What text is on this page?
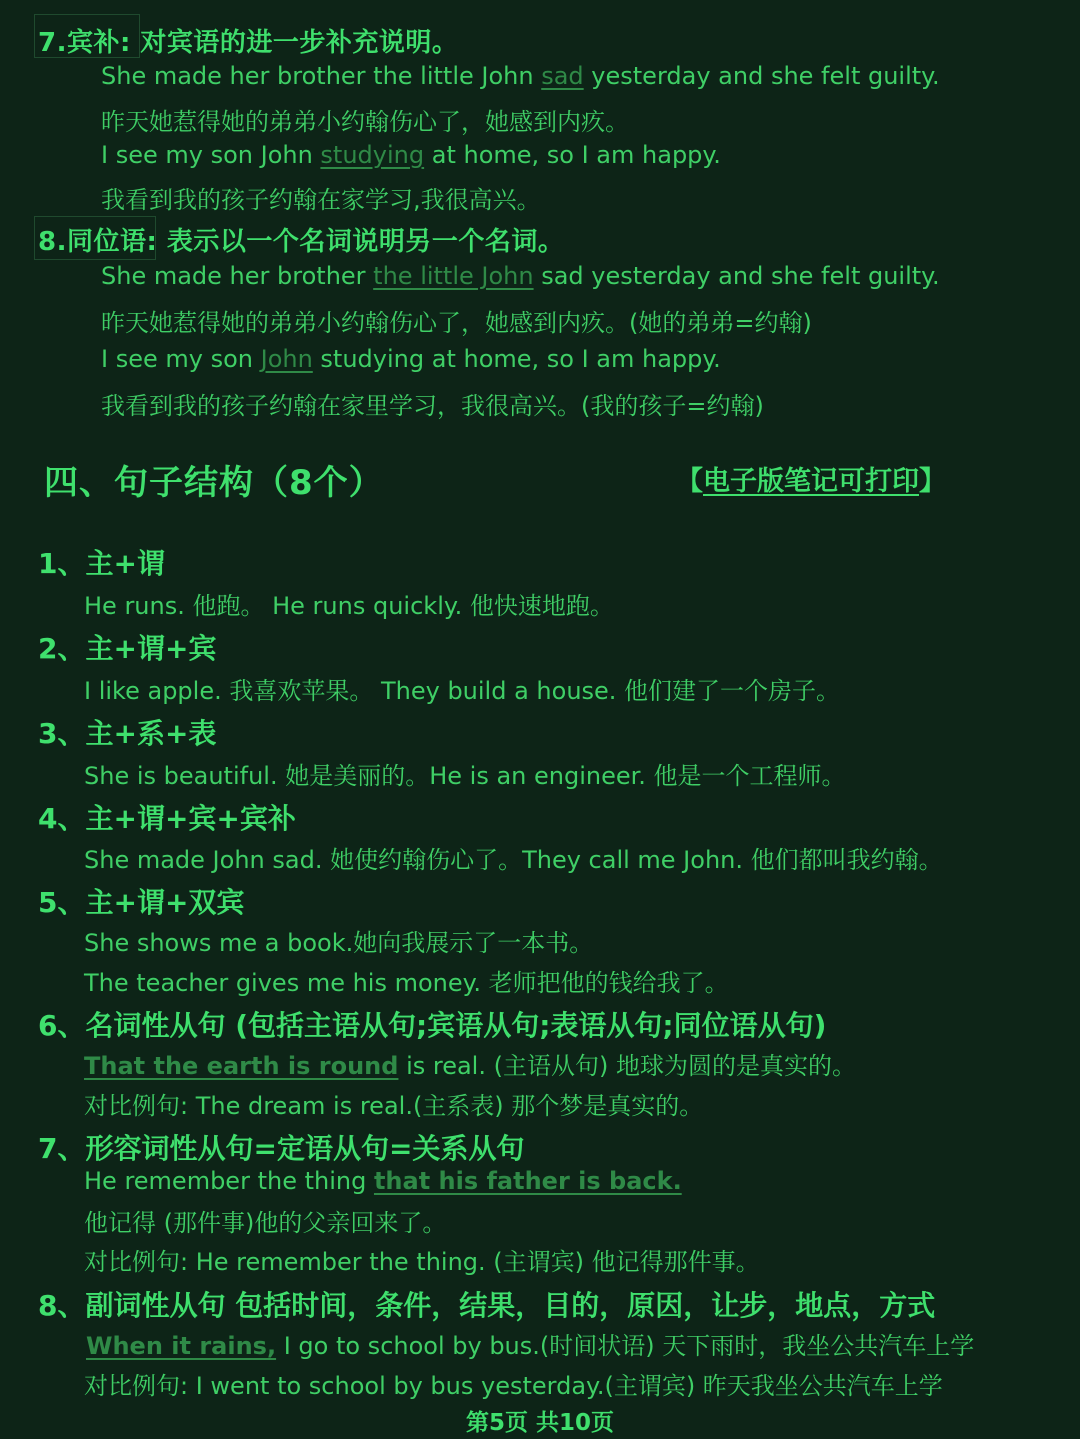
7.宾补: 对宾语的进一步补充说明。
She made her brother the little John sad yesterday and she felt guilty.
昨天她惹得她的弟弟小约翰伤心了，她感到内疚。
I see my son John studying at home, so I am happy.
我看到我的孩子约翰在家学习,我很高兴。
8.同位语: 表示以一个名词说明另一个名词。
She made her brother the little John sad yesterday and she felt guilty.
昨天她惹得她的弟弟小约翰伤心了，她感到内疚。(她的弟弟=约翰)
I see my son John studying at home, so I am happy.
我看到我的孩子约翰在家里学习，我很高兴。(我的孩子=约翰)
四、句子结构（8个）	【电子版笔记可打印】
1、主+谓
He runs. 他跑。 He runs quickly. 他快速地跑。
2、主+谓+宾
I like apple. 我喜欢苹果。 They build a house. 他们建了一个房子。
3、主+系+表
She is beautiful. 她是美丽的。He is an engineer. 他是一个工程师。
4、主+谓+宾+宾补
She made John sad. 她使约翰伤心了。They call me John. 他们都叫我约翰。
5、主+谓+双宾
She shows me a book.她向我展示了一本书。
The teacher gives me his money. 老师把他的钱给我了。
6、名词性从句 (包括主语从句;宾语从句;表语从句;同位语从句)
That the earth is round is real. (主语从句) 地球为圆的是真实的。
对比例句: The dream is real.(主系表) 那个梦是真实的。
7、形容词性从句=定语从句=关系从句
He remember the thing that his father is back.
他记得 (那件事)他的父亲回来了。
对比例句: He remember the thing. (主谓宾) 他记得那件事。
8、副词性从句 包括时间，条件，结果，目的，原因，让步，地点，方式
When it rains, I go to school by bus.(时间状语) 天下雨时，我坐公共汽车上学
对比例句: I went to school by bus yesterday.(主谓宾) 昨天我坐公共汽车上学
第5页 共10页
